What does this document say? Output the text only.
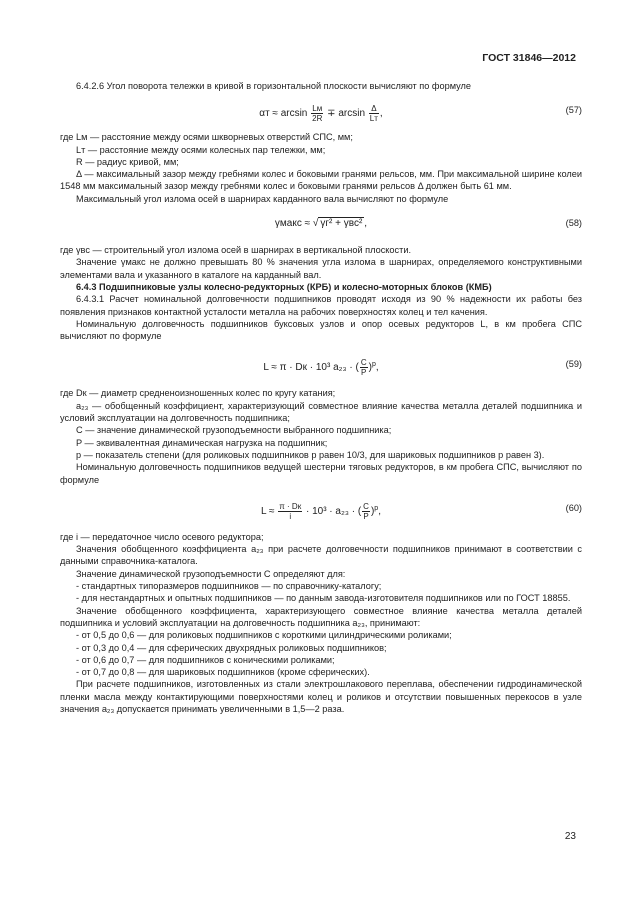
ГОСТ 31846—2012

6.4.2.6 Угол поворота тележки в кривой в горизонтальной плоскости вычисляют по формуле

$\alpha т \approx \arcsin \frac{Lм}{2R} \mp \arcsin \frac{\Delta}{Lт}$ ,	(57)
где Lм — расстояние между осями шкворневых отверстий СПС, мм;
Lт — расстояние между осями колесных пар тележки, мм;
R — радиус кривой, мм;

Δ — максимальный зазор между гребнями колес и боковыми гранями рельсов, мм. При максимальной ширине колеи 1548 мм максимальный зазор между гребнями колес и боковыми гранями рельсов Δ должен быть 61 мм.

Максимальный угол излома осей в шарнирах карданного вала вычисляют по формуле

γмакс ≈ √ γг² + γвс² ,	(58)

где γвс — строительный угол излома осей в шарнирах в вертикальной плоскости.

Значение γмакс не должно превышать 80 % значения угла излома в шарнирах, определяемого конструктивными элементами вала и указанного в каталоге на карданный вал.

6.4.3 Подшипниковые узлы колесно-редукторных (КРБ) и колесно-моторных блоков (КМБ)

6.4.3.1 Расчет номинальной долговечности подшипников проводят исходя из 90 % надежности их работы без появления признаков контактной усталости металла на рабочих поверхностях колец и тел качения.

Номинальную долговечность подшипников буксовых узлов и опор осевых редукторов L, в км пробега СПС вычисляют по формуле

L ≈ π · Dк · 10³ a₂₃ · ( $\frac{C}{P} )^p$,	(59)
где Dк — диаметр средненоизношенных колес по кругу катания;

a₂₃ — обобщенный коэффициент, характеризующий совместное влияние качества металла деталей подшипника и условий эксплуатации на долговечность подшипника;

C — значение динамической грузоподъемности выбранного подшипника;
P — эквивалентная динамическая нагрузка на подшипник;

p — показатель степени (для роликовых подшипников p равен 10/3, для шариковых подшипников p равен 3).

Номинальную долговечность подшипников ведущей шестерни тяговых редукторов, в км пробега СПС, вычисляют по формуле

$L \approx \frac{\pi \cdot Dк}{i} \cdot 10^3 \cdot a_{23}$ · ( $\frac{C}{P} )^p$,	(60)

где i — передаточное число осевого редуктора;

Значения обобщенного коэффициента a₂₃ при расчете долговечности подшипников принимают в соответствии с данными справочника-каталога.

Значение динамической грузоподъемности C определяют для:

- стандартных типоразмеров подшипников — по справочнику-каталогу;

- для нестандартных и опытных подшипников — по данным завода-изготовителя подшипников или по ГОСТ 18855.

Значение обобщенного коэффициента, характеризующего совместное влияние качества металла деталей подшипника и условий эксплуатации на долговечность подшипника a₂₃, принимают:

- от 0,5 до 0,6 — для роликовых подшипников с короткими цилиндрическими роликами;

- от 0,3 до 0,4 — для сферических двухрядных роликовых подшипников;

- от 0,6 до 0,7 — для подшипников с коническими роликами;

- от 0,7 до 0,8 — для шариковых подшипников (кроме сферических).

При расчете подшипников, изготовленных из стали электрошлакового переплава, обеспечении гидродинамической пленки масла между контактирующими поверхностями колец и роликов и отсутствии повышенных перекосов в узле значения a₂₃ допускается принимать увеличенными в 1,5—2 раза.

23
